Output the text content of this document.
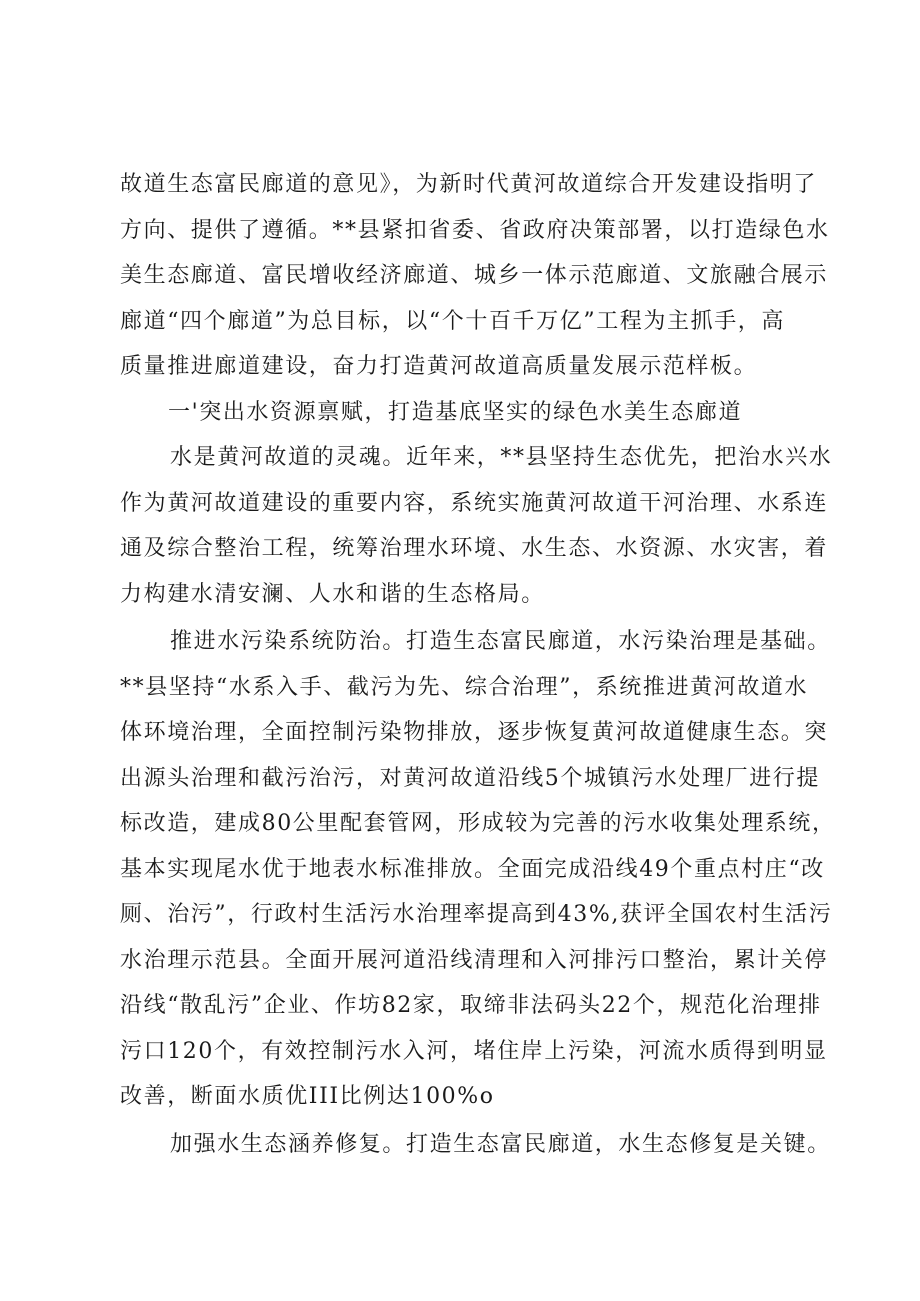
故道生态富民廊道的意见》，为新时代黄河故道综合开发建设指明了
方向、提供了遵循。**县紧扣省委、省政府决策部署，以打造绿色水
美生态廊道、富民增收经济廊道、城乡一体示范廊道、文旅融合展示
廊道“四个廊道”为总目标，以“个十百千万亿”工程为主抓手，高
质量推进廊道建设，奋力打造黄河故道高质量发展示范样板。
一'突出水资源禀赋，打造基底坚实的绿色水美生态廊道
水是黄河故道的灵魂。近年来，**县坚持生态优先，把治水兴水
作为黄河故道建设的重要内容，系统实施黄河故道干河治理、水系连
通及综合整治工程，统筹治理水环境、水生态、水资源、水灾害，着
力构建水清安澜、人水和谐的生态格局。
推进水污染系统防治。打造生态富民廊道，水污染治理是基础。
**县坚持“水系入手、截污为先、综合治理”，系统推进黄河故道水
体环境治理，全面控制污染物排放，逐步恢复黄河故道健康生态。突
出源头治理和截污治污，对黄河故道沿线5个城镇污水处理厂进行提
标改造，建成80公里配套管网，形成较为完善的污水收集处理系统，
基本实现尾水优于地表水标准排放。全面完成沿线49个重点村庄“改
厕、治污”，行政村生活污水治理率提高到43%,获评全国农村生活污
水治理示范县。全面开展河道沿线清理和入河排污口整治，累计关停
沿线“散乱污”企业、作坊82家，取缔非法码头22个，规范化治理排
污口120个，有效控制污水入河，堵住岸上污染，河流水质得到明显
改善，断面水质优III比例达100%o
加强水生态涵养修复。打造生态富民廊道，水生态修复是关键。
